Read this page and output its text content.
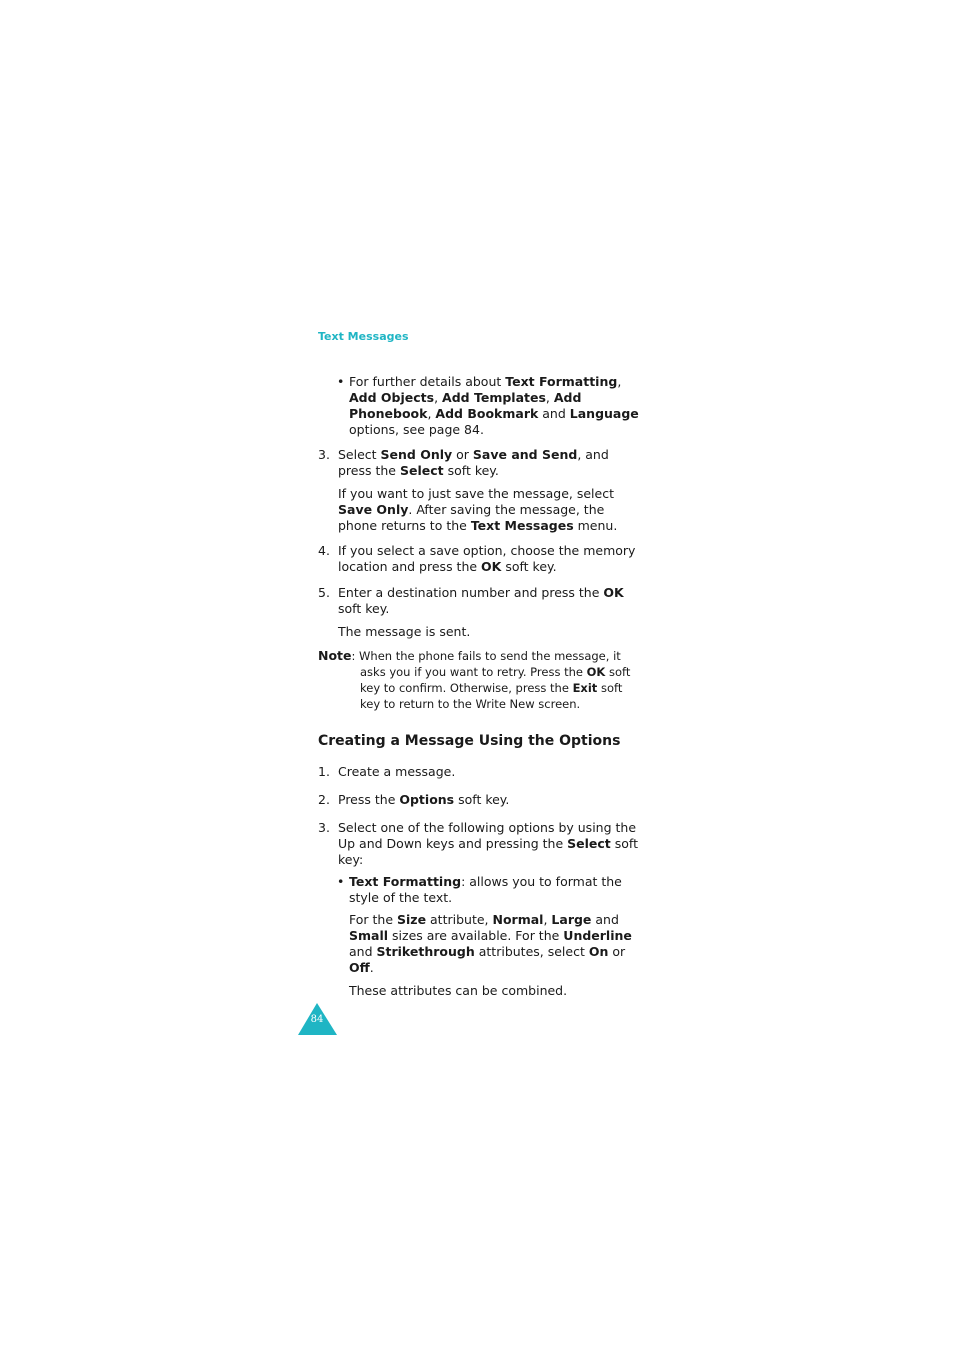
Text Messages
• For further details about Text Formatting, Add Objects, Add Templates, Add Phonebook, Add Bookmark and Language options, see page 84.
3. Select Send Only or Save and Send, and press the Select soft key.
If you want to just save the message, select Save Only. After saving the message, the phone returns to the Text Messages menu.
4. If you select a save option, choose the memory location and press the OK soft key.
5. Enter a destination number and press the OK soft key.
The message is sent.
Note: When the phone fails to send the message, it
asks you if you want to retry. Press the OK soft key to confirm. Otherwise, press the Exit soft key to return to the Write New screen.
Creating a Message Using the Options
1. Create a message.
2. Press the Options soft key.
3. Select one of the following options by using the Up and Down keys and pressing the Select soft key:
• Text Formatting: allows you to format the style of the text.
For the Size attribute, Normal, Large and Small sizes are available. For the Underline and Strikethrough attributes, select On or Off.
These attributes can be combined.
84
